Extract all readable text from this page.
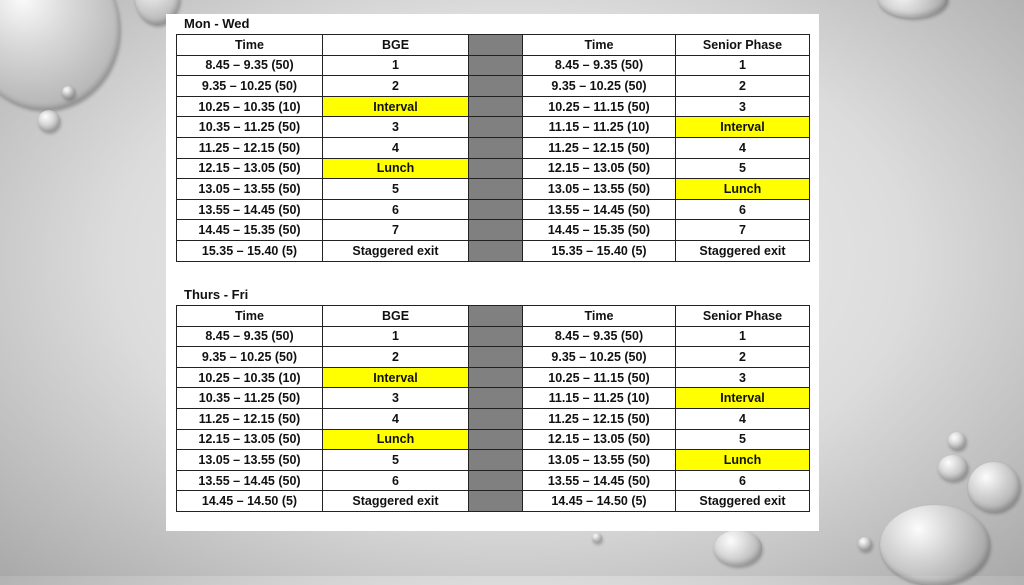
Mon - Wed
Time	BGE		Time	Senior Phase
8.45 – 9.35 (50)	1		8.45 – 9.35 (50)	1
9.35 – 10.25 (50)	2		9.35 – 10.25 (50)	2
10.25 – 10.35 (10)	Interval		10.25 – 11.15 (50)	3
10.35 – 11.25 (50)	3		11.15 – 11.25 (10)	Interval
11.25 – 12.15 (50)	4		11.25 – 12.15 (50)	4
12.15 – 13.05 (50)	Lunch		12.15 – 13.05 (50)	5
13.05 – 13.55 (50)	5		13.05 – 13.55 (50)	Lunch
13.55 – 14.45 (50)	6		13.55 – 14.45 (50)	6
14.45 – 15.35 (50)	7		14.45 – 15.35 (50)	7
15.35 – 15.40 (5)	Staggered exit		15.35 – 15.40 (5)	Staggered exit
Thurs - Fri
Time	BGE		Time	Senior Phase
8.45 – 9.35 (50)	1		8.45 – 9.35 (50)	1
9.35 – 10.25 (50)	2		9.35 – 10.25 (50)	2
10.25 – 10.35 (10)	Interval		10.25 – 11.15 (50)	3
10.35 – 11.25 (50)	3		11.15 – 11.25 (10)	Interval
11.25 – 12.15 (50)	4		11.25 – 12.15 (50)	4
12.15 – 13.05 (50)	Lunch		12.15 – 13.05 (50)	5
13.05 – 13.55 (50)	5		13.05 – 13.55 (50)	Lunch
13.55 – 14.45 (50)	6		13.55 – 14.45 (50)	6
14.45 – 14.50 (5)	Staggered exit		14.45 – 14.50 (5)	Staggered exit
